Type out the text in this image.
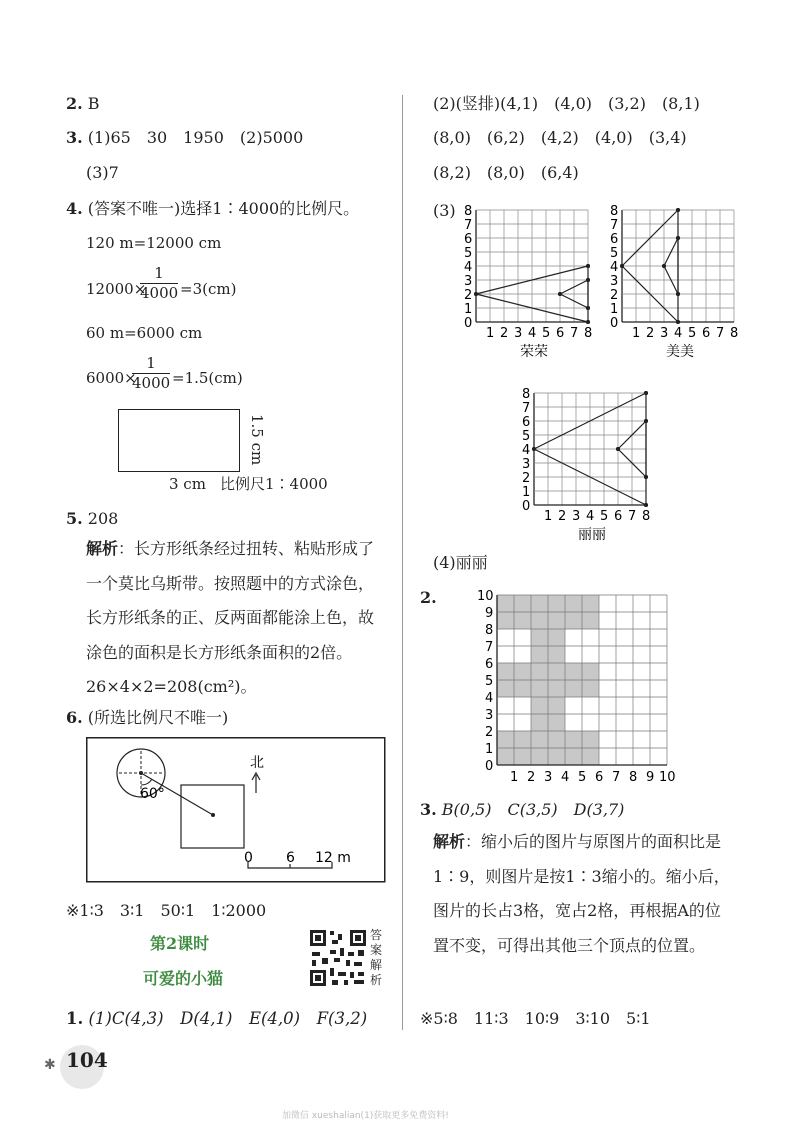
2. B
3. (1)65　30　1950　(2)5000
(3)7
4. (答案不唯一)选择1∶4000的比例尺。
120 m=12000 cm
12000×
$\frac{1}{4000} =3(cm)$
60 m=6000 cm
6000×
$\frac{1}{4000} =1.5(cm)$
1.5 cm
3 cm 比例尺1∶4000
5. 208
解析：长方形纸条经过扭转、粘贴形成了一个莫比乌斯带。按照题中的方式涂色，长方形纸条的正、反两面都能涂上色，故涂色的面积是长方形纸条面积的2倍。26×4×2=208(cm²)。
6. (所选比例尺不唯一)
60°
北
0 6 12 m
※1∶3　3∶1　50∶1　1∶2000
第2课时
可爱的小猫
答案解析
1. (1)C(4,3)　D(4,1)　E(4,0)　F(3,2)
(2)(竖排)(4,1)　(4,0)　(3,2)　(8,1)
(8,0)　(6,2)　(4,2)　(4,0)　(3,4)
(8,2)　(8,0)　(6,4)
(3)
0
1
1
2
2
3
3
4
4
5
5
6
6
7
7
8
8
荣荣
0
1
1
2
2
3
3
4
4
5
5
6
6
7
7
8
8
美美
0
1
1
2
2
3
3
4
4
5
5
6
6
7
7
8
8
丽丽
(4)丽丽
2.
0
1
1
2
2
3
3
4
4
5
5
6
6
7
7
8
8
9
9
10
10
3. B(0,5)　C(3,5)　D(3,7)
解析：缩小后的图片与原图片的面积比是1∶9，则图片是按1∶3缩小的。缩小后，图片的长占3格，宽占2格，再根据A的位置不变，可得出其他三个顶点的位置。
※5∶8　11∶3　10∶9　3∶10　5∶1
104
✱
加微信 xueshalian(1)获取更多免费资料!
